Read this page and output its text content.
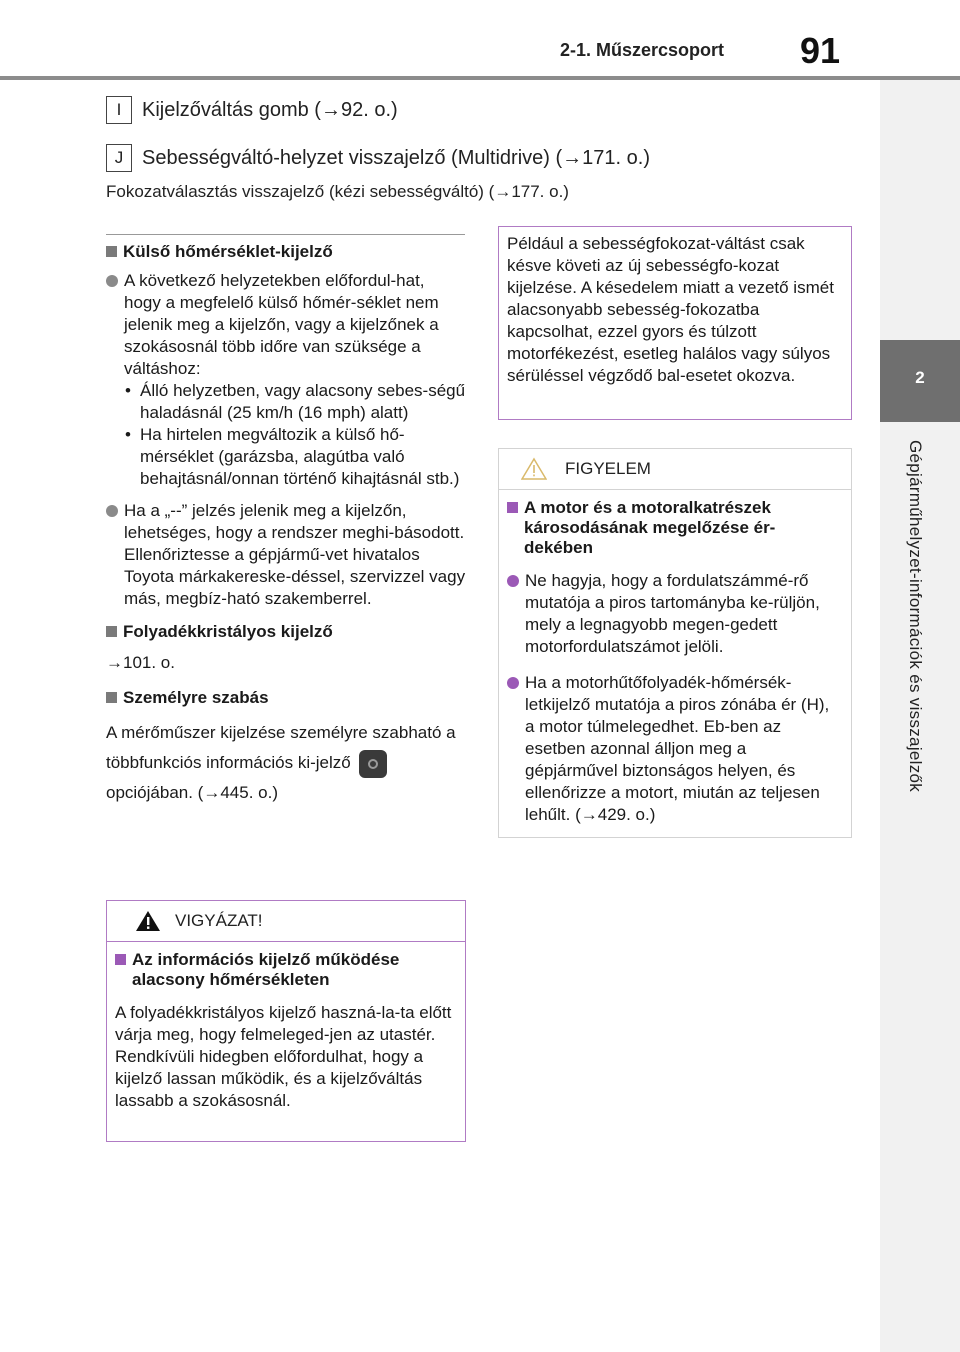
2-1. Műszercsoport 91
2
Gépjárműhelyzet-információk és visszajelzők
I	Kijelzőváltás gomb (→92. o.)
J Sebességváltó-helyzet visszajelző (Multidrive) (→171. o.)
Fokozatválasztás visszajelző (kézi sebességváltó) (→177. o.)
Külső hőmérséklet-kijelző
A következő helyzetekben előfordul-hat, hogy a megfelelő külső hőmér-séklet nem jelenik meg a kijelzőn, vagy a kijelzőnek a szokásosnál több időre van szüksége a váltáshoz:
• Álló helyzetben, vagy alacsony sebes-ségű haladásnál (25 km/h (16 mph) alatt)
• Ha hirtelen megváltozik a külső hő-mérséklet (garázsba, alagútba való behajtásnál/onnan történő kihajtásnál stb.)
Ha a „--” jelzés jelenik meg a kijelzőn, lehetséges, hogy a rendszer meghi-básodott. Ellenőriztesse a gépjármű-vet hivatalos Toyota márkakereske-déssel, szervizzel vagy más, megbíz-ható szakemberrel.
Folyadékkristályos kijelző
→101. o.
Személyre szabás
A mérőműszer kijelzése személyre szabható a többfunkciós információs ki-jelző  opciójában. (→445. o.)
VIGYÁZAT!
Az információs kijelző működése alacsony hőmérsékleten
A folyadékkristályos kijelző haszná-la-ta előtt várja meg, hogy felmeleged-jen az utastér. Rendkívüli hidegben előfordulhat, hogy a kijelző lassan működik, és a kijelzőváltás lassabb a szokásosnál.
Például a sebességfokozat-váltást csak késve követi az új sebességfo-kozat kijelzése. A késedelem miatt a vezető ismét alacsonyabb sebesség-fokozatba kapcsolhat, ezzel gyors és túlzott motorfékezést, esetleg halálos vagy súlyos sérüléssel végződő bal-esetet okozva.
FIGYELEM
A motor és a motoralkatrészek károsodásának megelőzése ér-dekében
Ne hagyja, hogy a fordulatszámmé-rő mutatója a piros tartományba ke-rüljön, mely a legnagyobb megen-gedett motorfordulatszámot jelöli.
Ha a motorhűtőfolyadék-hőmérsék-letkijelző mutatója a piros zónába ér (H), a motor túlmelegedhet. Eb-ben az esetben azonnal álljon meg a gépjárművel biztonságos helyen, és ellenőrizze a motort, miután az teljesen lehűlt. (→429. o.)
